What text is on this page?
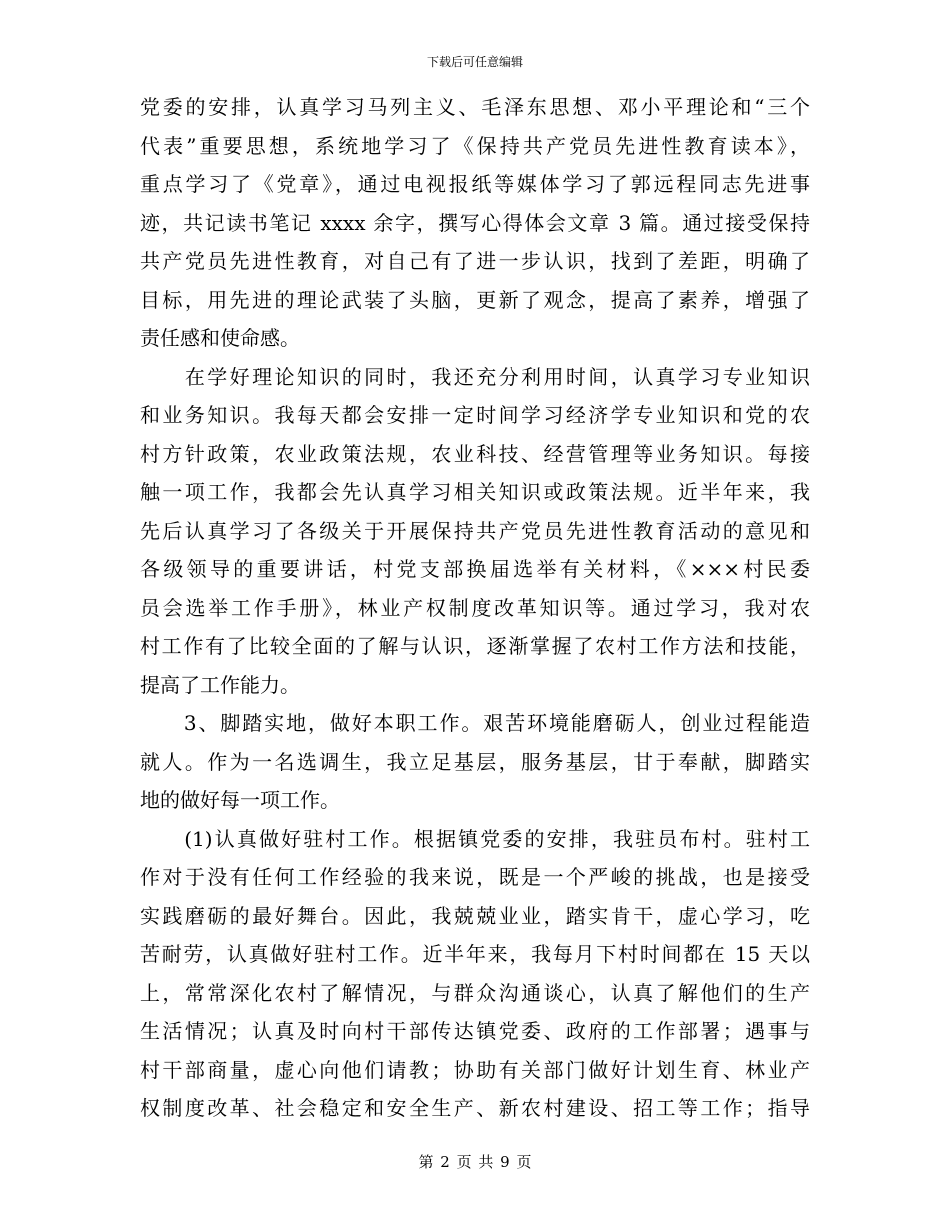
下载后可任意编辑
党委的安排，认真学习马列主义、毛泽东思想、邓小平理论和“三个
代表”重要思想，系统地学习了《保持共产党员先进性教育读本》，
重点学习了《党章》，通过电视报纸等媒体学习了郭远程同志先进事
迹，共记读书笔记 xxxx 余字，撰写心得体会文章 3 篇。通过接受保持
共产党员先进性教育，对自己有了进一步认识，找到了差距，明确了
目标，用先进的理论武装了头脑，更新了观念，提高了素养，增强了
责任感和使命感。
　　在学好理论知识的同时，我还充分利用时间，认真学习专业知识
和业务知识。我每天都会安排一定时间学习经济学专业知识和党的农
村方针政策，农业政策法规，农业科技、经营管理等业务知识。每接
触一项工作，我都会先认真学习相关知识或政策法规。近半年来，我
先后认真学习了各级关于开展保持共产党员先进性教育活动的意见和
各级领导的重要讲话，村党支部换届选举有关材料，《×××村民委
员会选举工作手册》，林业产权制度改革知识等。通过学习，我对农
村工作有了比较全面的了解与认识，逐渐掌握了农村工作方法和技能，
提高了工作能力。
　　3、脚踏实地，做好本职工作。艰苦环境能磨砺人，创业过程能造
就人。作为一名选调生，我立足基层，服务基层，甘于奉献，脚踏实
地的做好每一项工作。
　　(1)认真做好驻村工作。根据镇党委的安排，我驻员布村。驻村工
作对于没有任何工作经验的我来说，既是一个严峻的挑战，也是接受
实践磨砺的最好舞台。因此，我兢兢业业，踏实肯干，虚心学习，吃
苦耐劳，认真做好驻村工作。近半年来，我每月下村时间都在 15 天以
上，常常深化农村了解情况，与群众沟通谈心，认真了解他们的生产
生活情况；认真及时向村干部传达镇党委、政府的工作部署；遇事与
村干部商量，虚心向他们请教；协助有关部门做好计划生育、林业产
权制度改革、社会稳定和安全生产、新农村建设、招工等工作；指导
第 2 页 共 9 页
